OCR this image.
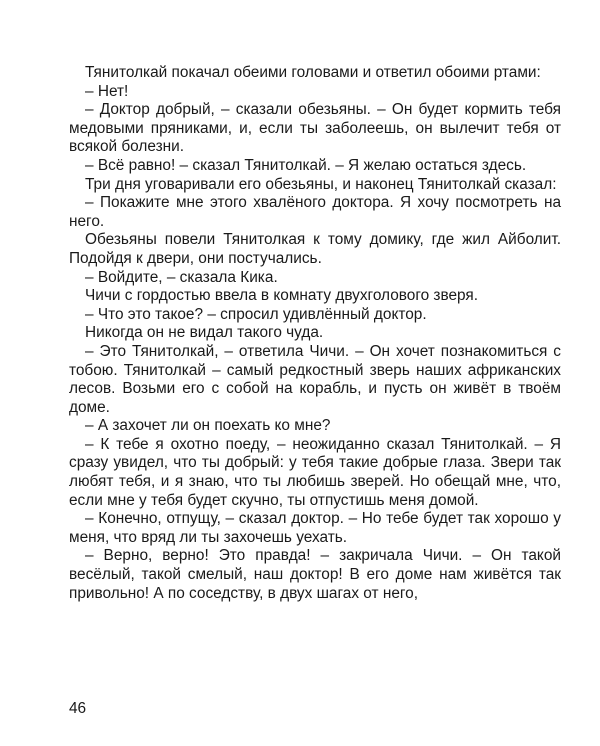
Тянитолкай покачал обеими головами и ответил обоими ртами:

– Нет!

– Доктор добрый, – сказали обезьяны. – Он будет кормить тебя медовыми пряниками, и, если ты заболеешь, он вылечит тебя от всякой болезни.

– Всё равно! – сказал Тянитолкай. – Я желаю остаться здесь.

Три дня уговаривали его обезьяны, и наконец Тянитолкай сказал:

– Покажите мне этого хвалёного доктора. Я хочу посмотреть на него.

Обезьяны повели Тянитолкая к тому домику, где жил Айболит. Подойдя к двери, они постучались.

– Войдите, – сказала Кика.

Чичи с гордостью ввела в комнату двухголового зверя.

– Что это такое? – спросил удивлённый доктор.

Никогда он не видал такого чуда.

– Это Тянитолкай, – ответила Чичи. – Он хочет познакомиться с тобою. Тянитолкай – самый редкостный зверь наших африканских лесов. Возьми его с собой на корабль, и пусть он живёт в твоём доме.

– А захочет ли он поехать ко мне?

– К тебе я охотно поеду, – неожиданно сказал Тянитолкай. – Я сразу увидел, что ты добрый: у тебя такие добрые глаза. Звери так любят тебя, и я знаю, что ты любишь зверей. Но обещай мне, что, если мне у тебя будет скучно, ты отпустишь меня домой.

– Конечно, отпущу, – сказал доктор. – Но тебе будет так хорошо у меня, что вряд ли ты захочешь уехать.

– Верно, верно! Это правда! – закричала Чичи. – Он такой весёлый, такой смелый, наш доктор! В его доме нам живётся так привольно! А по соседству, в двух шагах от него,

46
